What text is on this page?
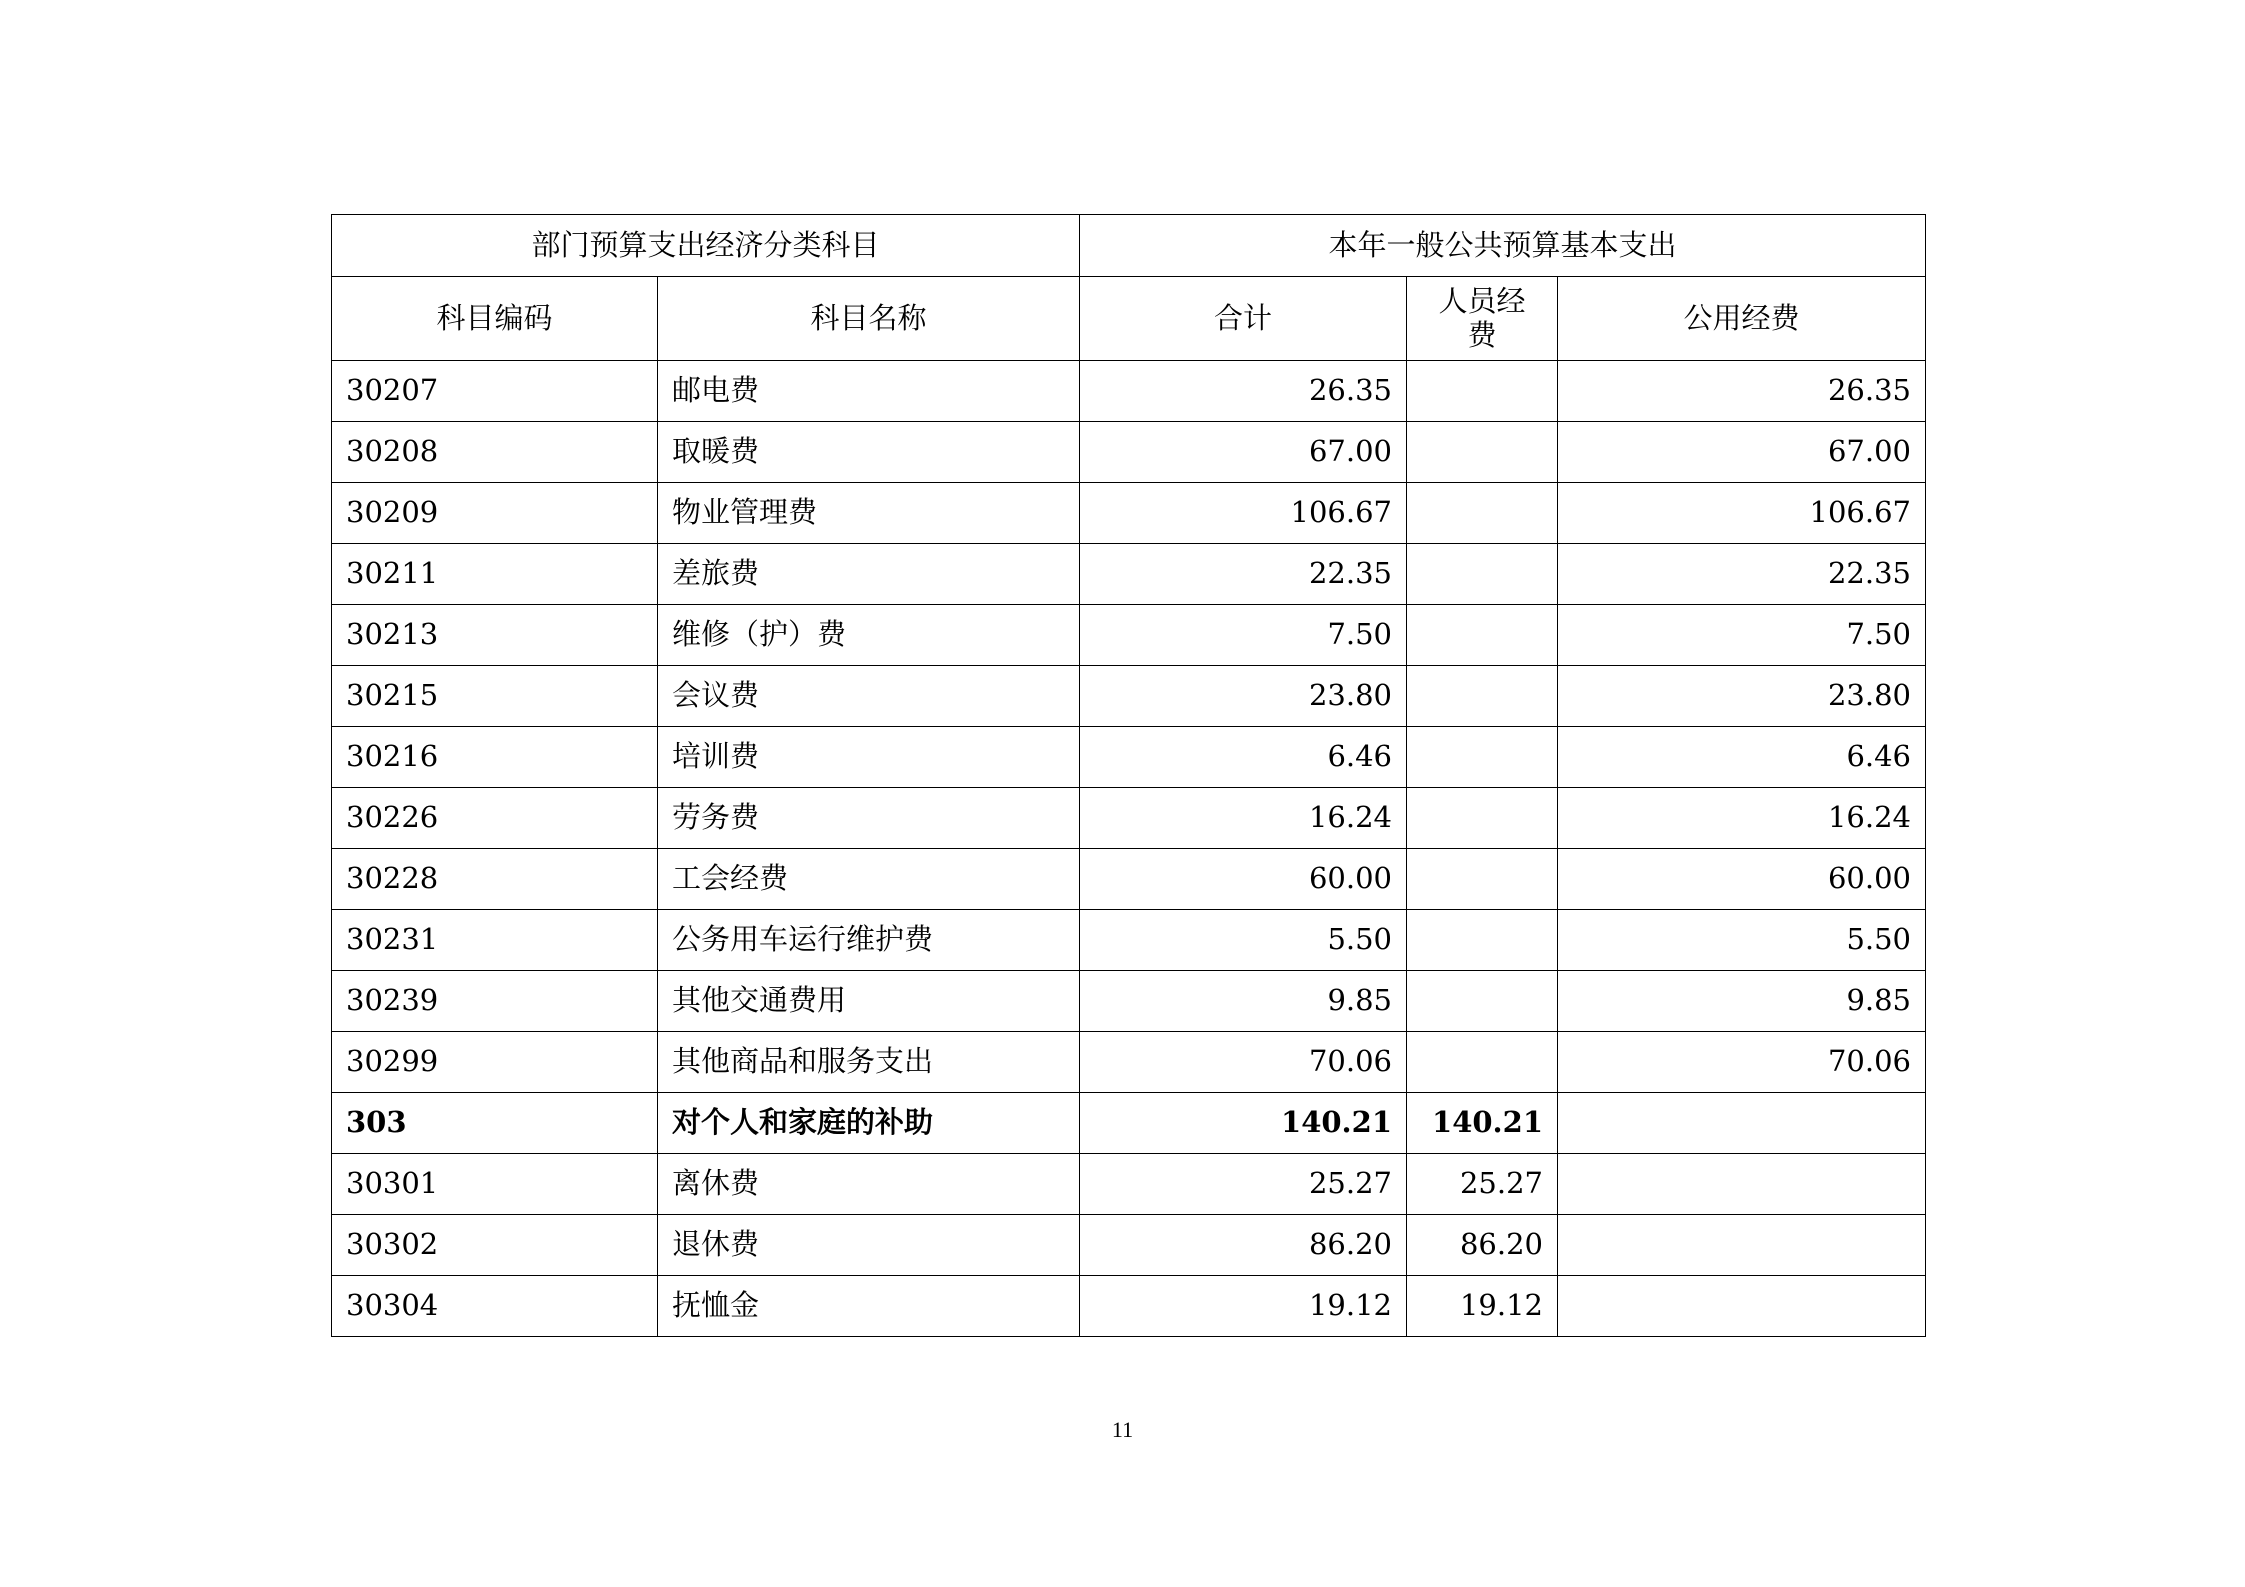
部门预算支出经济分类科目		本年一般公共预算基本支出		
科目编码	科目名称	合计	人员经费	公用经费
30207	邮电费	26.35		26.35
30208	取暖费	67.00		67.00
30209	物业管理费	106.67		106.67
30211	差旅费	22.35		22.35
30213	维修（护）费	7.50		7.50
30215	会议费	23.80		23.80
30216	培训费	6.46		6.46
30226	劳务费	16.24		16.24
30228	工会经费	60.00		60.00
30231	公务用车运行维护费	5.50		5.50
30239	其他交通费用	9.85		9.85
30299	其他商品和服务支出	70.06		70.06
303	对个人和家庭的补助	140.21	140.21	
30301	离休费	25.27	25.27	
30302	退休费	86.20	86.20	
30304	抚恤金	19.12	19.12	
11
